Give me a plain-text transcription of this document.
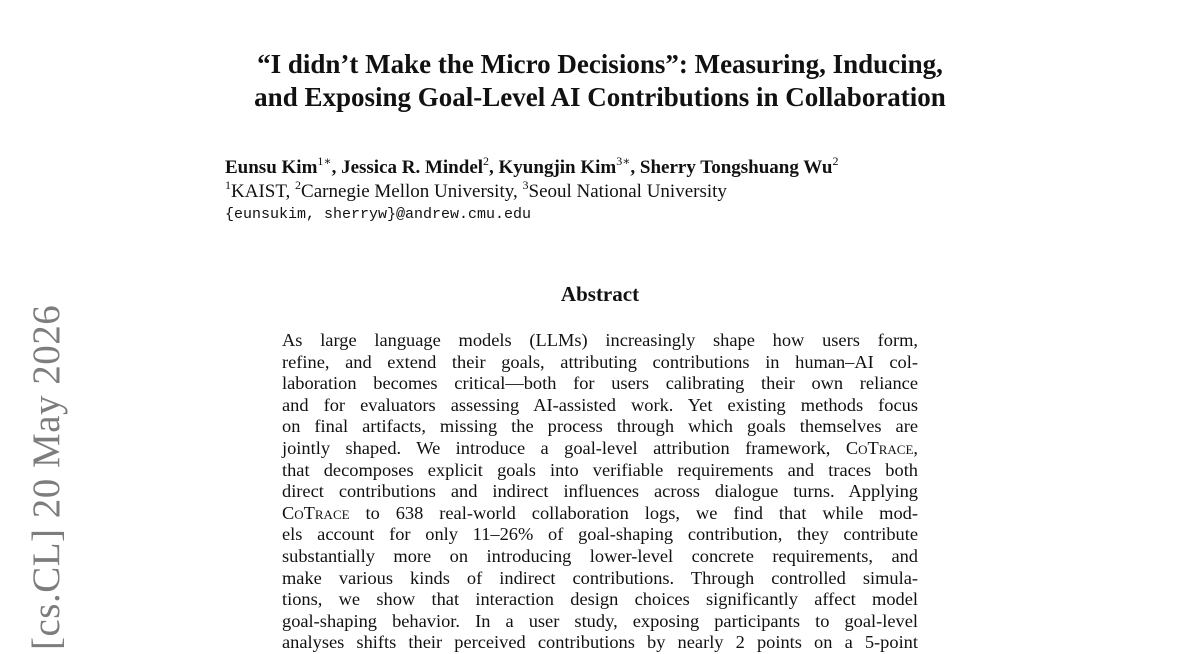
[cs.CL] 20 May 2026
“I didn’t Make the Micro Decisions”: Measuring, Inducing,
and Exposing Goal-Level AI Contributions in Collaboration
Eunsu Kim$^{1∗}$, Jessica R. Mindel$^2$, Kyungjin Kim$^{3∗}$, Sherry Tongshuang Wu$^2$
$^1$KAIST, $^2$Carnegie Mellon University, $^3$Seoul National University
{eunsukim, sherryw}@andrew.cmu.edu
Abstract
As large language models (LLMs) increasingly shape how users form,
refine, and extend their goals, attributing contributions in human–AI col-
laboration becomes critical—both for users calibrating their own reliance
and for evaluators assessing AI-assisted work. Yet existing methods focus
on final artifacts, missing the process through which goals themselves are
jointly shaped. We introduce a goal-level attribution framework, CoTrace,
that decomposes explicit goals into verifiable requirements and traces both
direct contributions and indirect influences across dialogue turns. Applying
CoTrace to 638 real-world collaboration logs, we find that while mod-
els account for only 11–26% of goal-shaping contribution, they contribute
substantially more on introducing lower-level concrete requirements, and
make various kinds of indirect contributions. Through controlled simula-
tions, we show that interaction design choices significantly affect model
goal-shaping behavior. In a user study, exposing participants to goal-level
analyses shifts their perceived contributions by nearly 2 points on a 5-point
